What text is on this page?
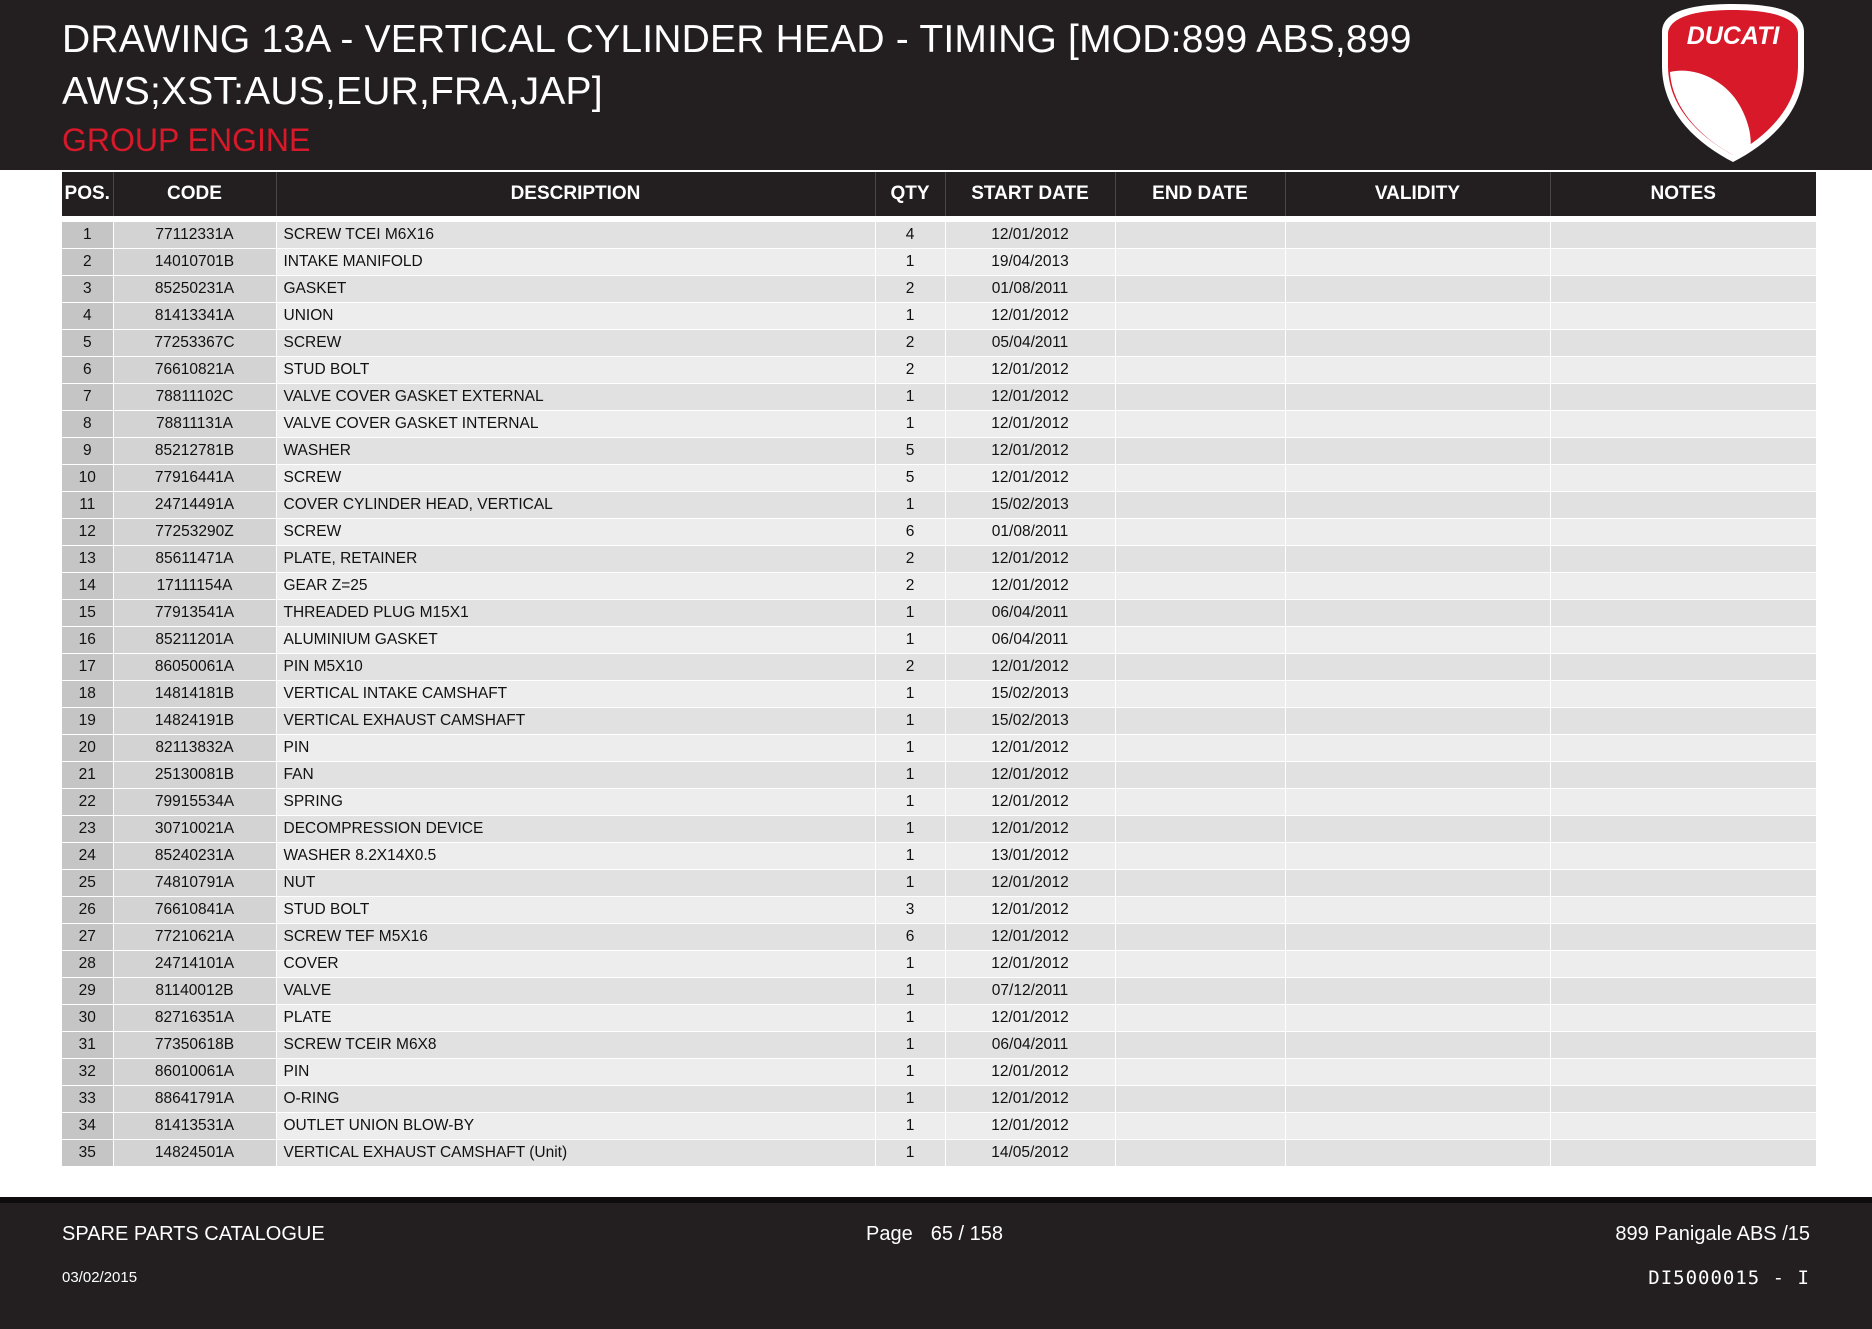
DRAWING 13A - VERTICAL CYLINDER HEAD - TIMING [MOD:899 ABS,899 AWS;XST:AUS,EUR,FRA,JAP]
GROUP ENGINE
DUCATI
POS.	CODE	DESCRIPTION	QTY	START DATE	END DATE	VALIDITY	NOTES

1	77112331A	SCREW TCEI M6X16	4	12/01/2012			
2	14010701B	INTAKE MANIFOLD	1	19/04/2013			
3	85250231A	GASKET	2	01/08/2011			
4	81413341A	UNION	1	12/01/2012			
5	77253367C	SCREW	2	05/04/2011			
6	76610821A	STUD BOLT	2	12/01/2012			
7	78811102C	VALVE COVER GASKET EXTERNAL	1	12/01/2012			
8	78811131A	VALVE COVER GASKET INTERNAL	1	12/01/2012			
9	85212781B	WASHER	5	12/01/2012			
10	77916441A	SCREW	5	12/01/2012			
11	24714491A	COVER CYLINDER HEAD, VERTICAL	1	15/02/2013			
12	77253290Z	SCREW	6	01/08/2011			
13	85611471A	PLATE, RETAINER	2	12/01/2012			
14	17111154A	GEAR Z=25	2	12/01/2012			
15	77913541A	THREADED PLUG M15X1	1	06/04/2011			
16	85211201A	ALUMINIUM GASKET	1	06/04/2011			
17	86050061A	PIN M5X10	2	12/01/2012			
18	14814181B	VERTICAL INTAKE CAMSHAFT	1	15/02/2013			
19	14824191B	VERTICAL EXHAUST CAMSHAFT	1	15/02/2013			
20	82113832A	PIN	1	12/01/2012			
21	25130081B	FAN	1	12/01/2012			
22	79915534A	SPRING	1	12/01/2012			
23	30710021A	DECOMPRESSION DEVICE	1	12/01/2012			
24	85240231A	WASHER 8.2X14X0.5	1	13/01/2012			
25	74810791A	NUT	1	12/01/2012			
26	76610841A	STUD BOLT	3	12/01/2012			
27	77210621A	SCREW TEF M5X16	6	12/01/2012			
28	24714101A	COVER	1	12/01/2012			
29	81140012B	VALVE	1	07/12/2011			
30	82716351A	PLATE	1	12/01/2012			
31	77350618B	SCREW TCEIR M6X8	1	06/04/2011			
32	86010061A	PIN	1	12/01/2012			
33	88641791A	O-RING	1	12/01/2012			
34	81413531A	OUTLET UNION BLOW-BY	1	12/01/2012			
35	14824501A	VERTICAL EXHAUST CAMSHAFT (Unit)	1	14/05/2012			
SPARE PARTS CATALOGUE
03/02/2015
Page 65 / 158	899 Panigale ABS /15
DI5000015 - I
